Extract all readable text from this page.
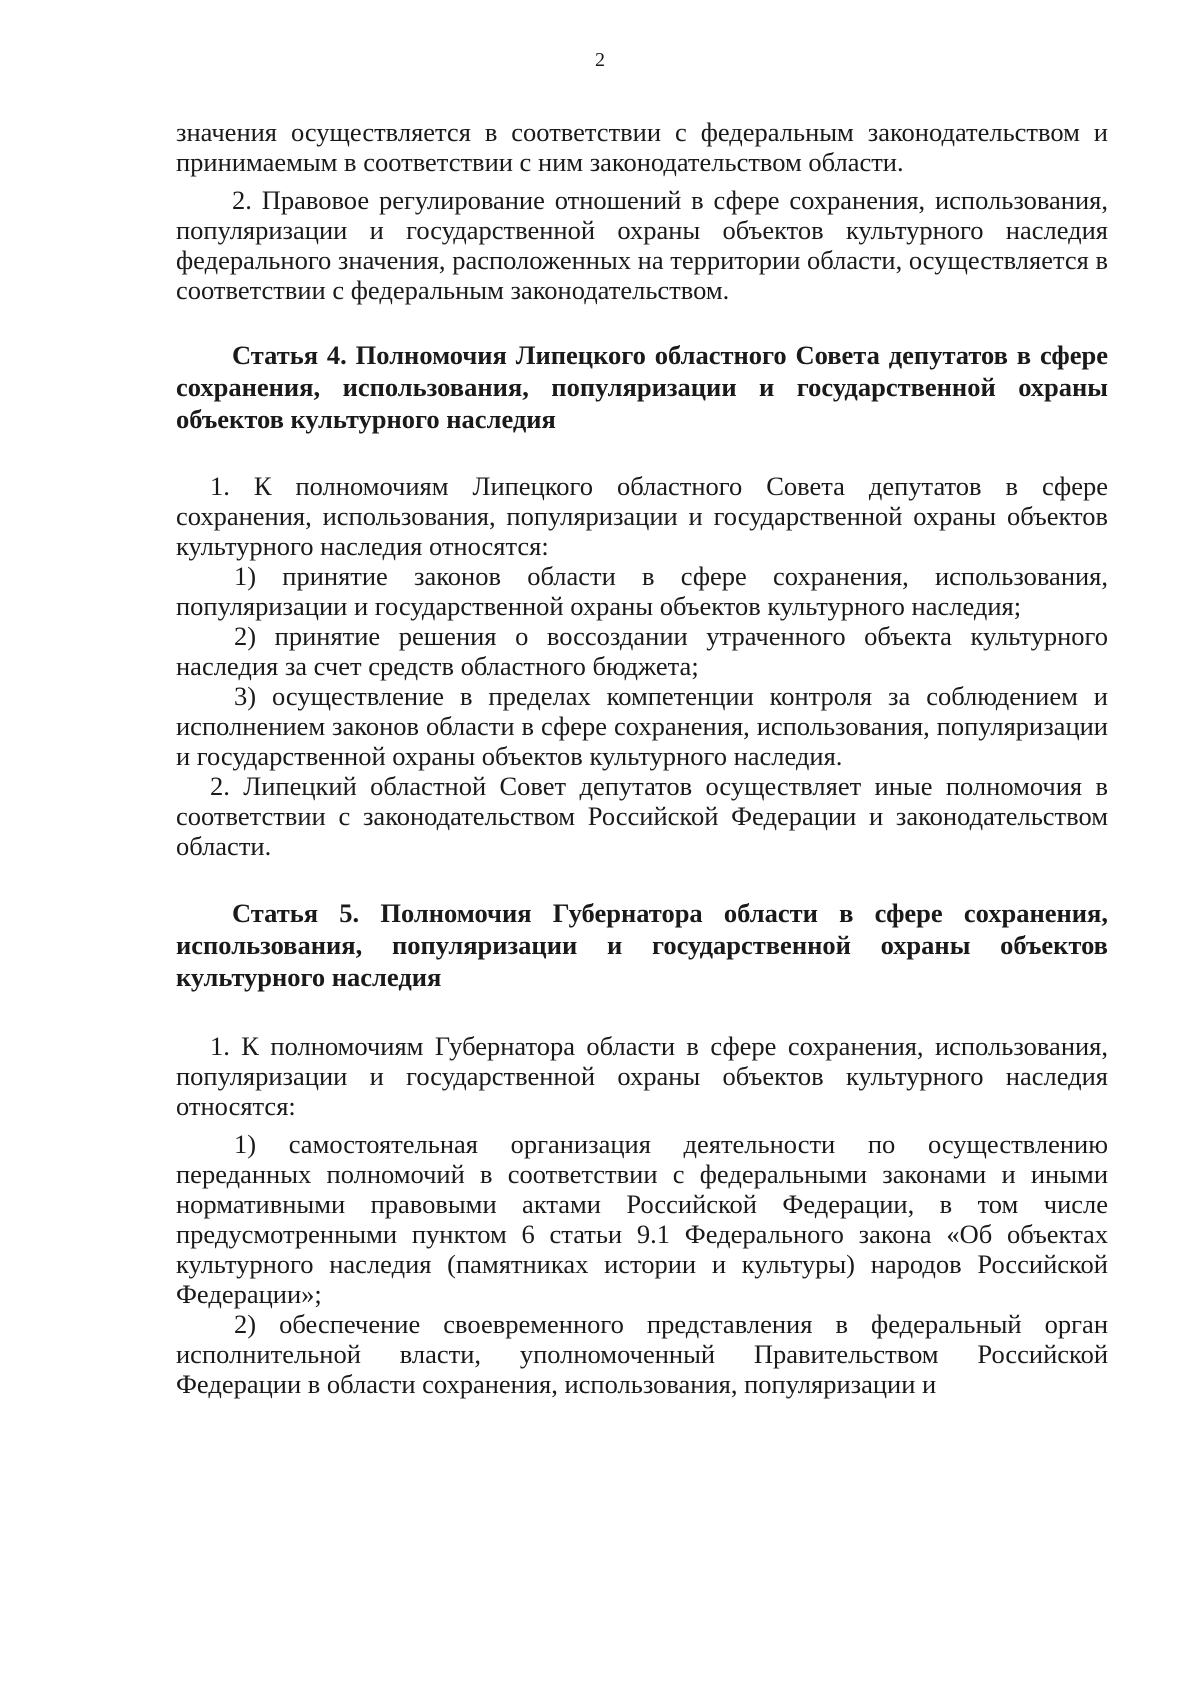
2

значения осуществляется в соответствии с федеральным законодательством и принимаемым в соответствии с ним законодательством области.

2. Правовое регулирование отношений в сфере сохранения, использования, популяризации и государственной охраны объектов культурного наследия федерального значения, расположенных на территории области, осуществляется в соответствии с федеральным законодательством.

Статья 4. Полномочия Липецкого областного Совета депутатов в сфере сохранения, использования, популяризации и государственной охраны объектов культурного наследия

1. К полномочиям Липецкого областного Совета депутатов в сфере сохранения, использования, популяризации и государственной охраны объектов культурного наследия относятся:

1) принятие законов области в сфере сохранения, использования, популяризации и государственной охраны объектов культурного наследия;

2) принятие решения о воссоздании утраченного объекта культурного наследия за счет средств областного бюджета;

3) осуществление в пределах компетенции контроля за соблюдением и исполнением законов области в сфере сохранения, использования, популяризации и государственной охраны объектов культурного наследия.

2. Липецкий областной Совет депутатов осуществляет иные полномочия в соответствии с законодательством Российской Федерации и законодательством области.

Статья 5. Полномочия Губернатора области в сфере сохранения, использования, популяризации и государственной охраны объектов культурного наследия

1. К полномочиям Губернатора области в сфере сохранения, использования, популяризации и государственной охраны объектов культурного наследия относятся:

1) самостоятельная организация деятельности по осуществлению переданных полномочий в соответствии с федеральными законами и иными нормативными правовыми актами Российской Федерации, в том числе предусмотренными пунктом 6 статьи 9.1 Федерального закона «Об объектах культурного наследия (памятниках истории и культуры) народов Российской Федерации»;

2) обеспечение своевременного представления в федеральный орган исполнительной власти, уполномоченный Правительством Российской Федерации в области сохранения, использования, популяризации и
